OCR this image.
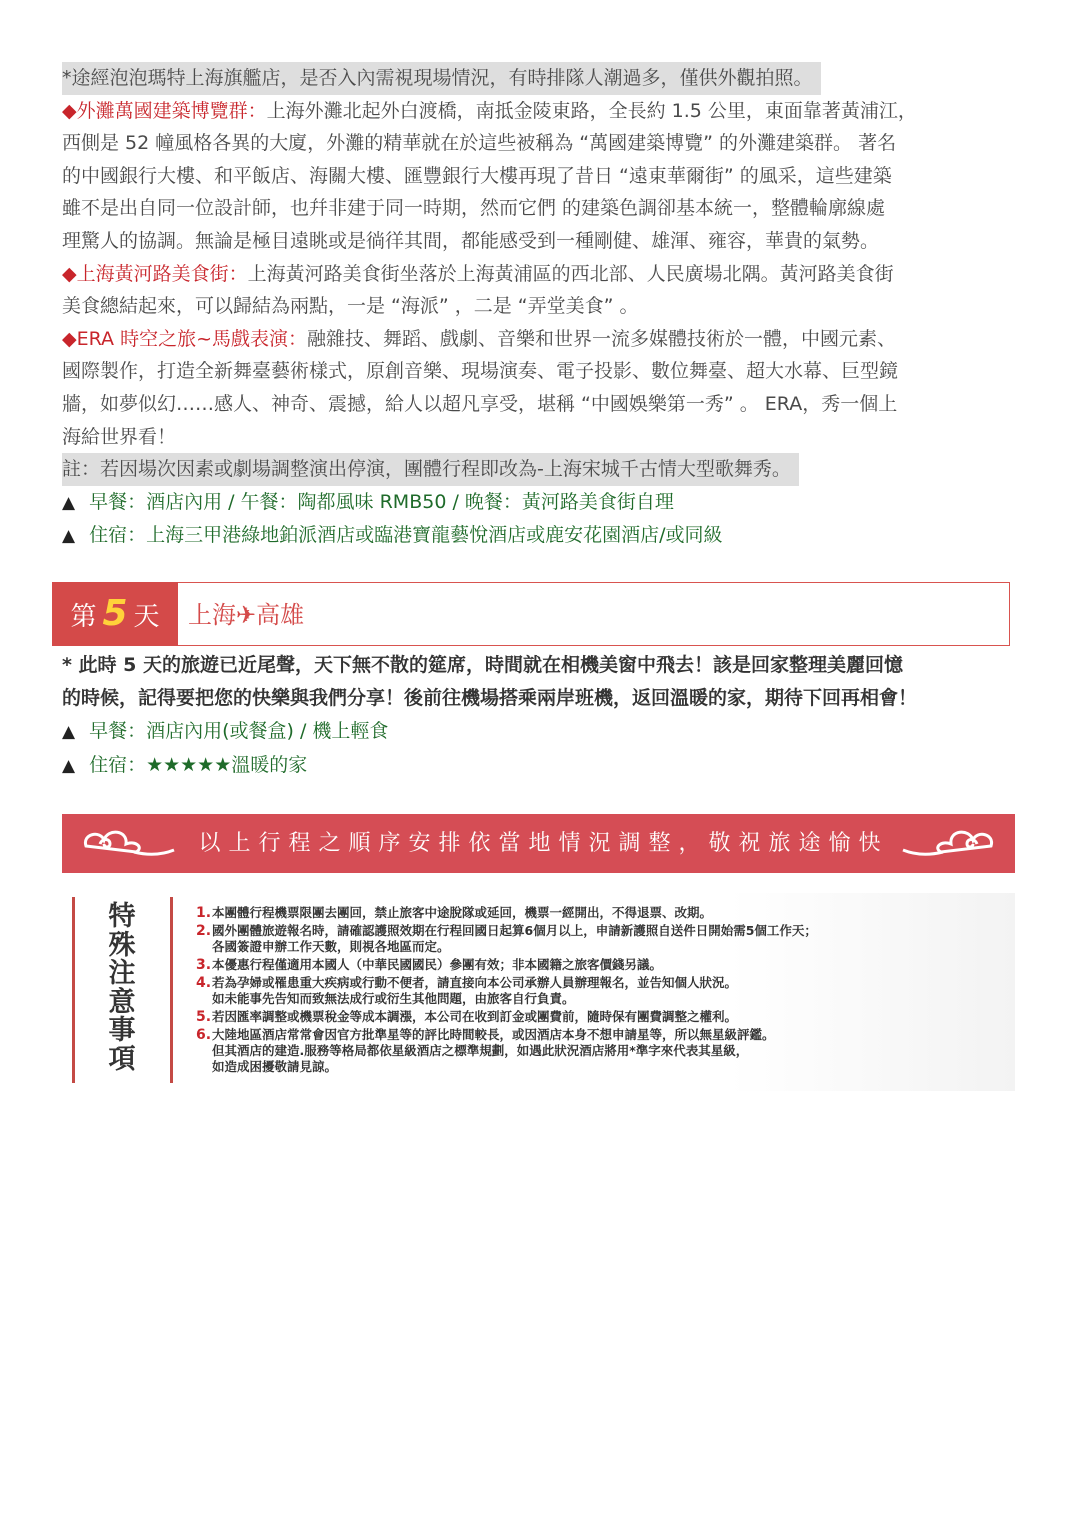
*途經泡泡瑪特上海旗艦店，是否入內需視現場情況，有時排隊人潮過多，僅供外觀拍照。
◆外灘萬國建築博覽群：上海外灘北起外白渡橋，南抵金陵東路，全長約 1.5 公里，東面靠著黃浦江，
西側是 52 幢風格各異的大廈，外灘的精華就在於這些被稱為 “萬國建築博覽” 的外灘建築群。 著名
的中國銀行大樓、和平飯店、海關大樓、匯豐銀行大樓再現了昔日 “遠東華爾街” 的風采，這些建築
雖不是出自同一位設計師，也幷非建于同一時期，然而它們 的建築色調卻基本統一，整體輪廓線處
理驚人的協調。無論是極目遠眺或是徜徉其間，都能感受到一種剛健、雄渾、雍容，華貴的氣勢。
◆上海黃河路美食街：上海黃河路美食街坐落於上海黃浦區的西北部、人民廣場北隅。黃河路美食街
美食總結起來，可以歸結為兩點，一是 “海派” ，二是 “弄堂美食” 。
◆ERA 時空之旅~馬戲表演：融雜技、舞蹈、戲劇、音樂和世界一流多媒體技術於一體，中國元素、
國際製作，打造全新舞臺藝術樣式，原創音樂、現場演奏、電子投影、數位舞臺、超大水幕、巨型鏡
牆，如夢似幻……感人、神奇、震撼，給人以超凡享受，堪稱 “中國娛樂第一秀” 。 ERA，秀一個上
海給世界看！
註：若因場次因素或劇場調整演出停演，團體行程即改為-上海宋城千古情大型歌舞秀。
▲ 早餐：酒店內用 / 午餐：陶都風味 RMB50 / 晚餐：黃河路美食街自理
▲ 住宿：上海三甲港綠地鉑派酒店或臨港寶龍藝悅酒店或鹿安花園酒店/或同級
第 5 天	上海✈高雄
* 此時 5 天的旅遊已近尾聲，天下無不散的筵席，時間就在相機美窗中飛去！該是回家整理美麗回憶
的時候，記得要把您的快樂與我們分享！後前往機場搭乘兩岸班機，返回溫暖的家，期待下回再相會！
▲ 早餐：酒店內用(或餐盒) / 機上輕食
▲ 住宿：★★★★★溫暖的家
以上行程之順序安排依當地情況調整，敬祝旅途愉快
特
殊
注
意
事
項
1. 本團體行程機票限團去團回，禁止旅客中途脫隊或延回，機票一經開出，不得退票、改期。
2. 國外團體旅遊報名時，請確認護照效期在行程回國日起算6個月以上，申請新護照自送件日開始需5個工作天；
各國簽證申辦工作天數，則視各地區而定。
3. 本優惠行程僅適用本國人（中華民國國民）參團有效；非本國籍之旅客價錢另議。
4. 若為孕婦或罹患重大疾病或行動不便者，請直接向本公司承辦人員辦理報名，並告知個人狀況。
如未能事先告知而致無法成行或衍生其他問題，由旅客自行負責。
5. 若因匯率調整或機票稅金等成本調漲，本公司在收到訂金或團費前，隨時保有團費調整之權利。
6. 大陸地區酒店常常會因官方批準星等的評比時間較長，或因酒店本身不想申請星等，所以無星級評鑑。
但其酒店的建造.服務等格局都依星級酒店之標準規劃，如遇此狀況酒店將用*準字來代表其星級，
如造成困擾敬請見諒。
